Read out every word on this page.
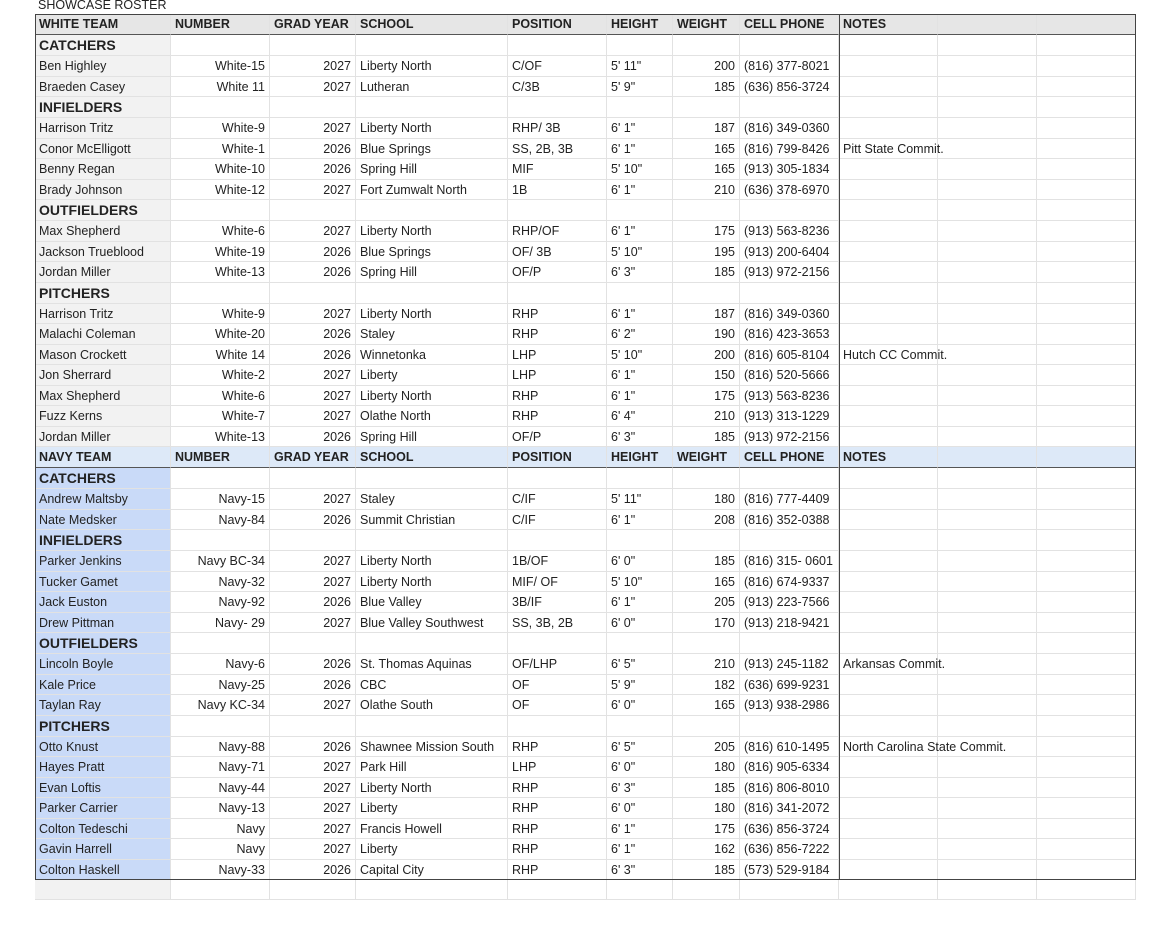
SHOWCASE ROSTER
WHITE TEAM	NUMBER	GRAD YEAR SCHOOL	POSITION	HEIGHT	WEIGHT	CELL PHONE	NOTES
CATCHERS
Ben Highley	White-15	2027 Liberty North	C/OF	5' 11"	200 (816) 377-8021
Braeden Casey	White 11	2027 Lutheran	C/3B	5' 9"	185 (636) 856-3724
INFIELDERS
Harrison Tritz	White-9	2027 Liberty North	RHP/ 3B	6' 1"	187 (816) 349-0360
Conor McElligott	White-1	2026 Blue Springs	SS, 2B, 3B	6' 1"	165 (816) 799-8426	Pitt State Commit.
Benny Regan	White-10	2026 Spring Hill	MIF	5' 10"	165 (913) 305-1834
Brady Johnson	White-12	2027 Fort Zumwalt North	1B	6' 1"	210 (636) 378-6970
OUTFIELDERS
Max Shepherd	White-6	2027 Liberty North	RHP/OF	6' 1"	175 (913) 563-8236
Jackson Trueblood	White-19	2026 Blue Springs	OF/ 3B	5' 10"	195 (913) 200-6404
Jordan Miller	White-13	2026 Spring Hill	OF/P	6' 3"	185 (913) 972-2156
PITCHERS
Harrison Tritz	White-9	2027 Liberty North	RHP	6' 1"	187 (816) 349-0360
Malachi Coleman	White-20	2026 Staley	RHP	6' 2"	190 (816) 423-3653
Mason Crockett	White 14	2026 Winnetonka	LHP	5' 10"	200 (816) 605-8104	Hutch CC Commit.
Jon Sherrard	White-2	2027 Liberty	LHP	6' 1"	150 (816) 520-5666
Max Shepherd	White-6	2027 Liberty North	RHP	6' 1"	175 (913) 563-8236
Fuzz Kerns	White-7	2027 Olathe North	RHP	6' 4"	210 (913) 313-1229
Jordan Miller	White-13	2026 Spring Hill	OF/P	6' 3"	185 (913) 972-2156
NAVY TEAM	NUMBER	GRAD YEAR SCHOOL	POSITION	HEIGHT	WEIGHT	CELL PHONE	NOTES
CATCHERS
Andrew Maltsby	Navy-15	2027 Staley	C/IF	5' 11"	180 (816) 777-4409
Nate Medsker	Navy-84	2026 Summit Christian	C/IF	6' 1"	208 (816) 352-0388
INFIELDERS
Parker Jenkins	Navy BC-34	2027 Liberty North	1B/OF	6' 0"	185 (816) 315- 0601
Tucker Gamet	Navy-32	2027 Liberty North	MIF/ OF	5' 10"	165 (816) 674-9337
Jack Euston	Navy-92	2026 Blue Valley	3B/IF	6' 1"	205 (913) 223-7566
Drew Pittman	Navy- 29	2027 Blue Valley Southwest	SS, 3B, 2B	6' 0"	170 (913) 218-9421
OUTFIELDERS
Lincoln Boyle	Navy-6	2026 St. Thomas Aquinas	OF/LHP	6' 5"	210 (913) 245-1182	Arkansas Commit.
Kale Price	Navy-25	2026 CBC	OF	5' 9"	182 (636) 699-9231
Taylan Ray	Navy KC-34	2027 Olathe South	OF	6' 0"	165 (913) 938-2986
PITCHERS
Otto Knust	Navy-88	2026 Shawnee Mission South	RHP	6' 5"	205 (816) 610-1495	North Carolina State Commit.
Hayes Pratt	Navy-71	2027 Park Hill	LHP	6' 0"	180 (816) 905-6334
Evan Loftis	Navy-44	2027 Liberty North	RHP	6' 3"	185 (816) 806-8010
Parker Carrier	Navy-13	2027 Liberty	RHP	6' 0"	180 (816) 341-2072
Colton Tedeschi	Navy	2027 Francis Howell	RHP	6' 1"	175 (636) 856-3724
Gavin Harrell	Navy	2027 Liberty	RHP	6' 1"	162 (636) 856-7222
Colton Haskell	Navy-33	2026 Capital City	RHP	6' 3"	185 (573) 529-9184
